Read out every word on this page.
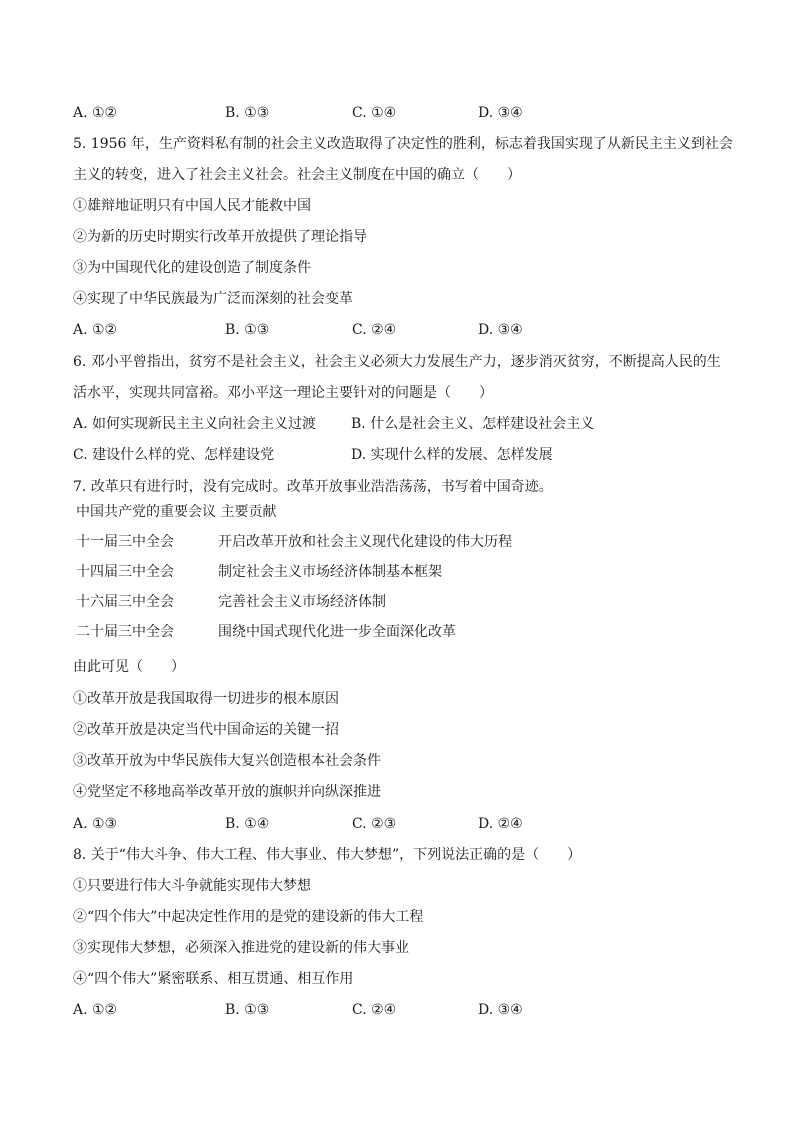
A. ①②	B. ①③	C. ①④	D. ③④
5. 1956 年，生产资料私有制的社会主义改造取得了决定性的胜利，标志着我国实现了从新民主主义到社会
主义的转变，进入了社会主义社会。社会主义制度在中国的确立（　　）
①雄辩地证明只有中国人民才能救中国
②为新的历史时期实行改革开放提供了理论指导
③为中国现代化的建设创造了制度条件
④实现了中华民族最为广泛而深刻的社会变革
A. ①②	B. ①③	C. ②④	D. ③④
6. 邓小平曾指出，贫穷不是社会主义，社会主义必须大力发展生产力，逐步消灭贫穷，不断提高人民的生
活水平，实现共同富裕。邓小平这一理论主要针对的问题是（　　）
A. 如何实现新民主主义向社会主义过渡 B. 什么是社会主义、怎样建设社会主义
C. 建设什么样的党、怎样建设党	D. 实现什么样的发展、怎样发展
7. 改革只有进行时，没有完成时。改革开放事业浩浩荡荡，书写着中国奇迹。
中国共产党的重要会议 主要贡献
十一届三中全会	开启改革开放和社会主义现代化建设的伟大历程
十四届三中全会	制定社会主义市场经济体制基本框架
十六届三中全会	完善社会主义市场经济体制
二十届三中全会	围绕中国式现代化进一步全面深化改革
由此可见（　　）
①改革开放是我国取得一切进步的根本原因
②改革开放是决定当代中国命运的关键一招
③改革开放为中华民族伟大复兴创造根本社会条件
④党坚定不移地高举改革开放的旗帜并向纵深推进
A. ①③	B. ①④	C. ②③	D. ②④
8. 关于“伟大斗争、伟大工程、伟大事业、伟大梦想”，下列说法正确的是（　　）
①只要进行伟大斗争就能实现伟大梦想
②“四个伟大”中起决定性作用的是党的建设新的伟大工程
③实现伟大梦想，必须深入推进党的建设新的伟大事业
④“四个伟大”紧密联系、相互贯通、相互作用
A. ①②	B. ①③	C. ②④	D. ③④
